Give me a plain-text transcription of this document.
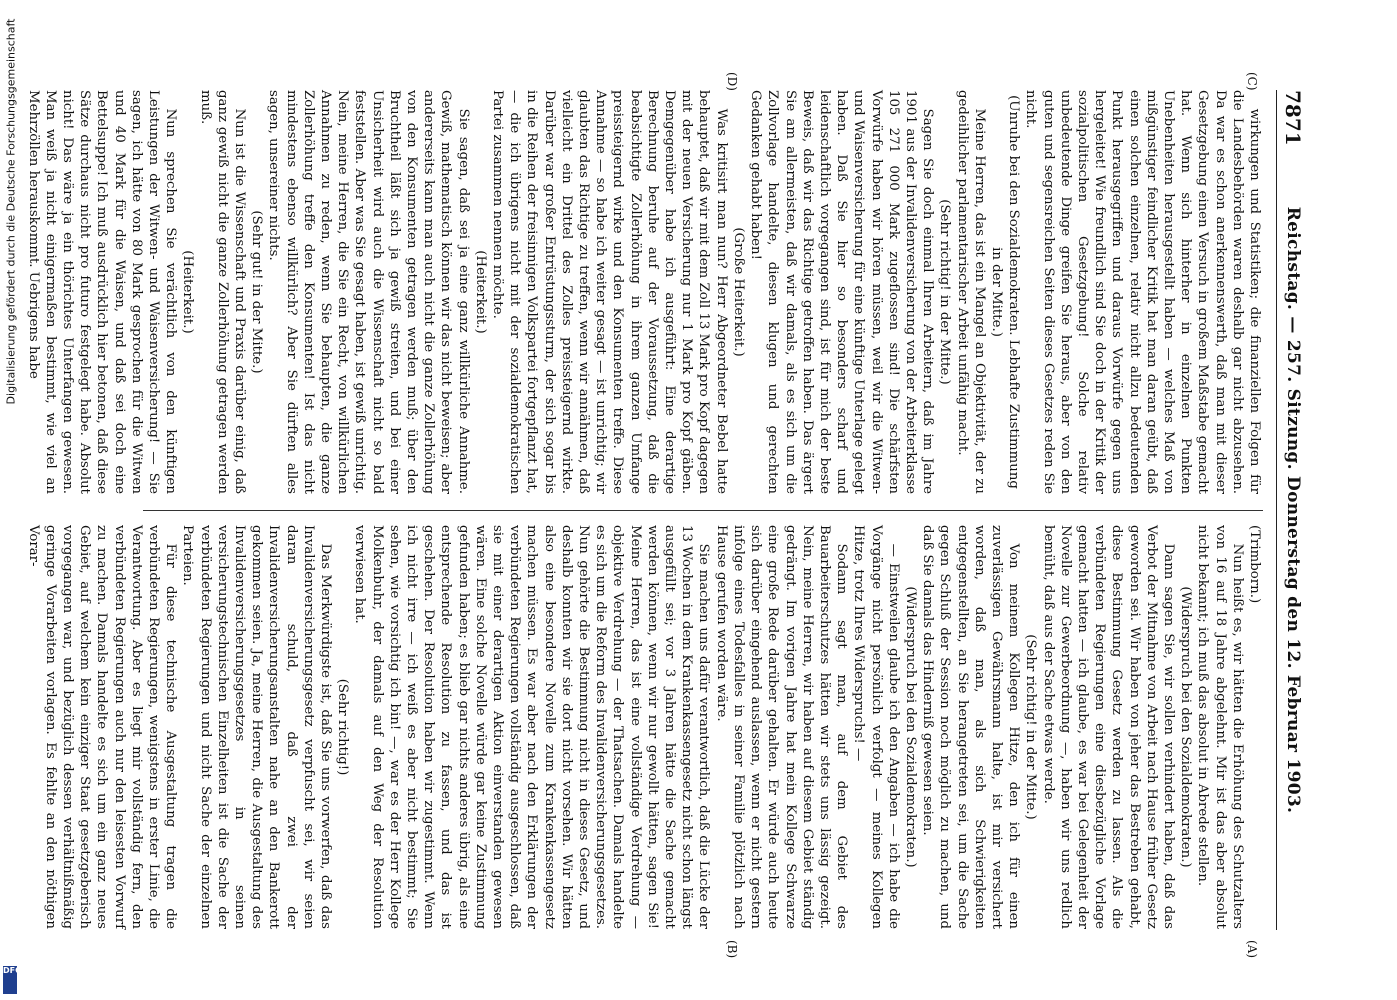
7871
Reichstag. — 257. Sitzung. Donnerstag den 12. Februar 1903.
(A)
(B)
(C)
(D)

wirkungen und Statistiken; die finanziellen Folgen für die Landesbehörden waren deshalb gar nicht abzusehen. Da war es schon anerkennenswerth, daß man mit dieser Gesetzgebung einen Versuch in großem Maßstabe gemacht hat. Wenn sich hinterher in einzelnen Punkten Unebenheiten herausgestellt haben — welches Maß von mißgünstiger feindlicher Kritik hat man daran geübt, daß einen solchen einzelnen, relativ nicht allzu bedeutenden Punkt herausgegriffen und daraus Vorwürfe gegen uns hergeleitet! Wie freundlich sind Sie doch in der Kritik der sozialpolitischen Gesetzgebung! Solche relativ unbedeutende Dinge greifen Sie heraus, aber von den guten und segensreichen Seiten dieses Gesetzes reden Sie nicht.

(Unruhe bei den Sozialdemokraten. Lebhafte Zustimmung in der Mitte.)

Meine Herren, das ist ein Mangel an Objektivität, der zu gedeihlicher parlamentarischer Arbeit unfähig macht.

(Sehr richtig! in der Mitte.)

Sagen Sie doch einmal Ihren Arbeitern, daß im Jahre 1901 aus der Invalidenversicherung von der Arbeiterklasse 105 271 000 Mark zugeflossen sind! Die schärfsten Vorwürfe haben wir hören müssen, weil wir die Witwen- und Waisenversicherung für eine künftige Unterlage gelegt haben. Daß Sie hier so besonders scharf und leidenschaftlich vorgegangen sind, ist für mich der beste Beweis, daß wir das Richtige getroffen haben. Das ärgert Sie am allermeisten, daß wir damals, als es sich um die Zollvorlage handelte, diesen klugen und gerechten Gedanken gehabt haben!

(Große Heiterkeit.)

Was kritisirt man nun? Herr Abgeordneter Bebel hatte behauptet, daß wir mit dem Zoll 13 Mark pro Kopf dagegen mit der neuen Versicherung nur 1 Mark pro Kopf gäben. Demgegenüber habe ich ausgeführt: Eine derartige Berechnung beruhe auf der Voraussetzung, daß die beabsichtigte Zollerhöhung in ihrem ganzen Umfange preissteigernd wirke und den Konsumenten treffe. Diese Annahme — so habe ich weiter gesagt — ist unrichtig; wir glaubten das Richtige zu treffen, wenn wir annähmen, daß vielleicht ein Drittel des Zolles preissteigernd wirkte. Darüber war großer Entrüstungssturm, der sich sogar bis in die Reihen der freisinnigen Volkspartei fortgepflanzt hat, — die ich übrigens nicht mit der sozialdemokratischen Partei zusammen nennen möchte.

(Heiterkeit.)

Sie sagen, daß sei ja eine ganz willkürliche Annahme. Gewiß, mathematisch können wir das nicht beweisen; aber andererseits kann man auch nicht die ganze Zollerhöhung von den Konsumenten getragen werden muß; über den Bruchtheil läßt sich ja gewiß streiten, und bei einer Unsicherheit wird auch die Wissenschaft nicht so bald feststellen. Aber was Sie gesagt haben, ist gewiß unrichtig. Nein, meine Herren, die Sie ein Recht, von willkürlichen Annahmen zu reden, wenn Sie behaupten, die ganze Zollerhöhung treffe den Konsumenten! Ist das nicht mindestens ebenso willkürlich? Aber Sie dürften alles sagen, unsereiner nichts.

(Sehr gut! in der Mitte.)

Nun ist die Wissenschaft und Praxis darüber einig, daß ganz gewiß nicht die ganze Zollerhöhung getragen werden muß.

(Heiterkeit.)

Nun sprechen Sie verächtlich von den künftigen Leistungen der Witwen- und Waisenversicherung! — Sie sagen, ich hätte von 80 Mark gesprochen für die Witwen und 40 Mark für die Waisen, und daß sei doch eine Bettelsuppe! Ich muß ausdrücklich hier betonen, daß diese Sätze durchaus nicht pro futuro festgelegt habe. Absolut nicht! Das wäre ja ein thörichtes Unterfangen gewesen. Man weiß ja nicht einigermaßen bestimmt, wie viel an Mehrzöllen herauskommt. Uebrigens habe

(Trimborn.)

Nun heißt es, wir hätten die Erhöhung des Schutzalters von 16 auf 18 Jahre abgelehnt. Mir ist das aber absolut nicht bekannt; ich muß das absolut in Abrede stellen.

(Widerspruch bei den Sozialdemokraten.)

Dann sagen Sie, wir sollen verhindert haben, daß das Verbot der Mitnahme von Arbeit nach Hause früher Gesetz geworden sei. Wir haben von jeher das Bestreben gehabt, diese Bestimmung Gesetz werden zu lassen. Als die verbündeten Regierungen eine diesbezügliche Vorlage gemacht hatten — ich glaube, es war bei Gelegenheit der Novelle zur Gewerbeordnung —, haben wir uns redlich bemüht, daß aus der Sache etwas werde.

(Sehr richtig! in der Mitte.)

Von meinem Kollegen Hitze, den ich für einen zuverlässigen Gewährsmann halte, ist mir versichert worden, daß man, als sich Schwierigkeiten entgegenstellten, an Sie herangetreten sei, um die Sache gegen Schluß der Session noch möglich zu machen, und daß Sie damals das Hinderniß gewesen seien.

(Widerspruch bei den Sozialdemokraten.)

— Einstweilen glaube ich den Angaben — ich habe die Vorgänge nicht persönlich verfolgt — meines Kollegen Hitze, trotz Ihres Widerspruchs! —

Sodann sagt man, auf dem Gebiet des Bauarbeiterschutzes hätten wir stets uns lässig gezeigt. Nein, meine Herren, wir haben auf diesem Gebiet ständig gedrängt. Im vorigen Jahre hat mein Kollege Schwarze eine große Rede darüber gehalten. Er würde auch heute sich darüber eingehend auslassen, wenn er nicht gestern infolge eines Todesfalles in seiner Familie plötzlich nach Hause gerufen worden wäre.

Sie machen uns dafür verantwortlich, daß die Lücke der 13 Wochen in dem Krankenkassengesetz nicht schon längst ausgefüllt sei; vor 3 Jahren hätte die Sache gemacht werden können, wenn wir nur gewollt hätten, sagen Sie! Meine Herren, das ist eine vollständige Verdrehung — objektive Verdrehung — der Thatsachen. Damals handelte es sich um die Reform des Invalidenversicherungsgesetzes. Nun gehörte die Bestimmung nicht in dieses Gesetz, und deshalb konnten wir sie dort nicht vorsehen. Wir hätten also eine besondere Novelle zum Krankenkassengesetz machen müssen. Es war aber nach den Erklärungen der verbündeten Regierungen vollständig ausgeschlossen, daß sie mit einer derartigen Aktion einverstanden gewesen wären. Eine solche Novelle würde gar keine Zustimmung gefunden haben; es blieb gar nichts anderes übrig, als eine entsprechende Resolution zu fassen, und das ist geschehen. Der Resolution haben wir zugestimmt. Wenn ich nicht irre — ich weiß es aber nicht bestimmt; Sie sehen, wie vorsichtig ich bin! —, war es der Herr Kollege Molkenbuhr, der damals auf den Weg der Resolution verwiesen hat.

(Sehr richtig!)

Das Merkwürdigste ist, daß Sie uns vorwerfen, daß das Invalidenversicherungsgesetz verpfuscht sei, wir seien daran schuld, daß zwei der Invalidenversicherungsanstalten nahe an den Bankerott gekommen seien. Ja, meine Herren, die Ausgestaltung des Invalidenversicherungsgesetzes in seinen versicherungstechnischen Einzelheiten ist die Sache der verbündeten Regierungen und nicht Sache der einzelnen Parteien.

Für diese technische Ausgestaltung tragen die verbündeten Regierungen, wenigstens in erster Linie, die Verantwortung. Aber es liegt mir vollständig fern, den verbündeten Regierungen auch nur den leisesten Vorwurf zu machen. Damals handelte es sich um ein ganz neues Gebiet, auf welchem kein einziger Staat gesetzgeberisch vorgegangen war, und bezüglich dessen verhältnißmäßig geringe Vorarbeiten vorlagen. Es fehlte an den nöthigen Vorar-

Digitalisierung gefördert durch die Deutsche Forschungsgemeinschaft
DFG
